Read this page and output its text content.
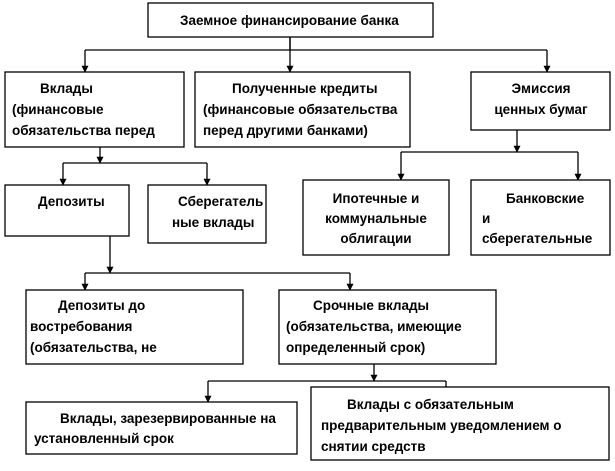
Заемное финансирование банка
Вклады
(финансовые
обязательства перед
Полученные кредиты
(финансовые обязательства
перед другими банками)
Эмиссия
ценных бумаг
Депозиты	Сберегатель
ные вклады
Ипотечные и
коммунальные
облигации
Банковские
и
сберегательные
Депозиты до
востребования
(обязательства, не
Срочные вклады
(обязательства, имеющие
определенный срок)
Вклады, зарезервированные на
установленный срок
Вклады с обязательным
предварительным уведомлением о
снятии средств
